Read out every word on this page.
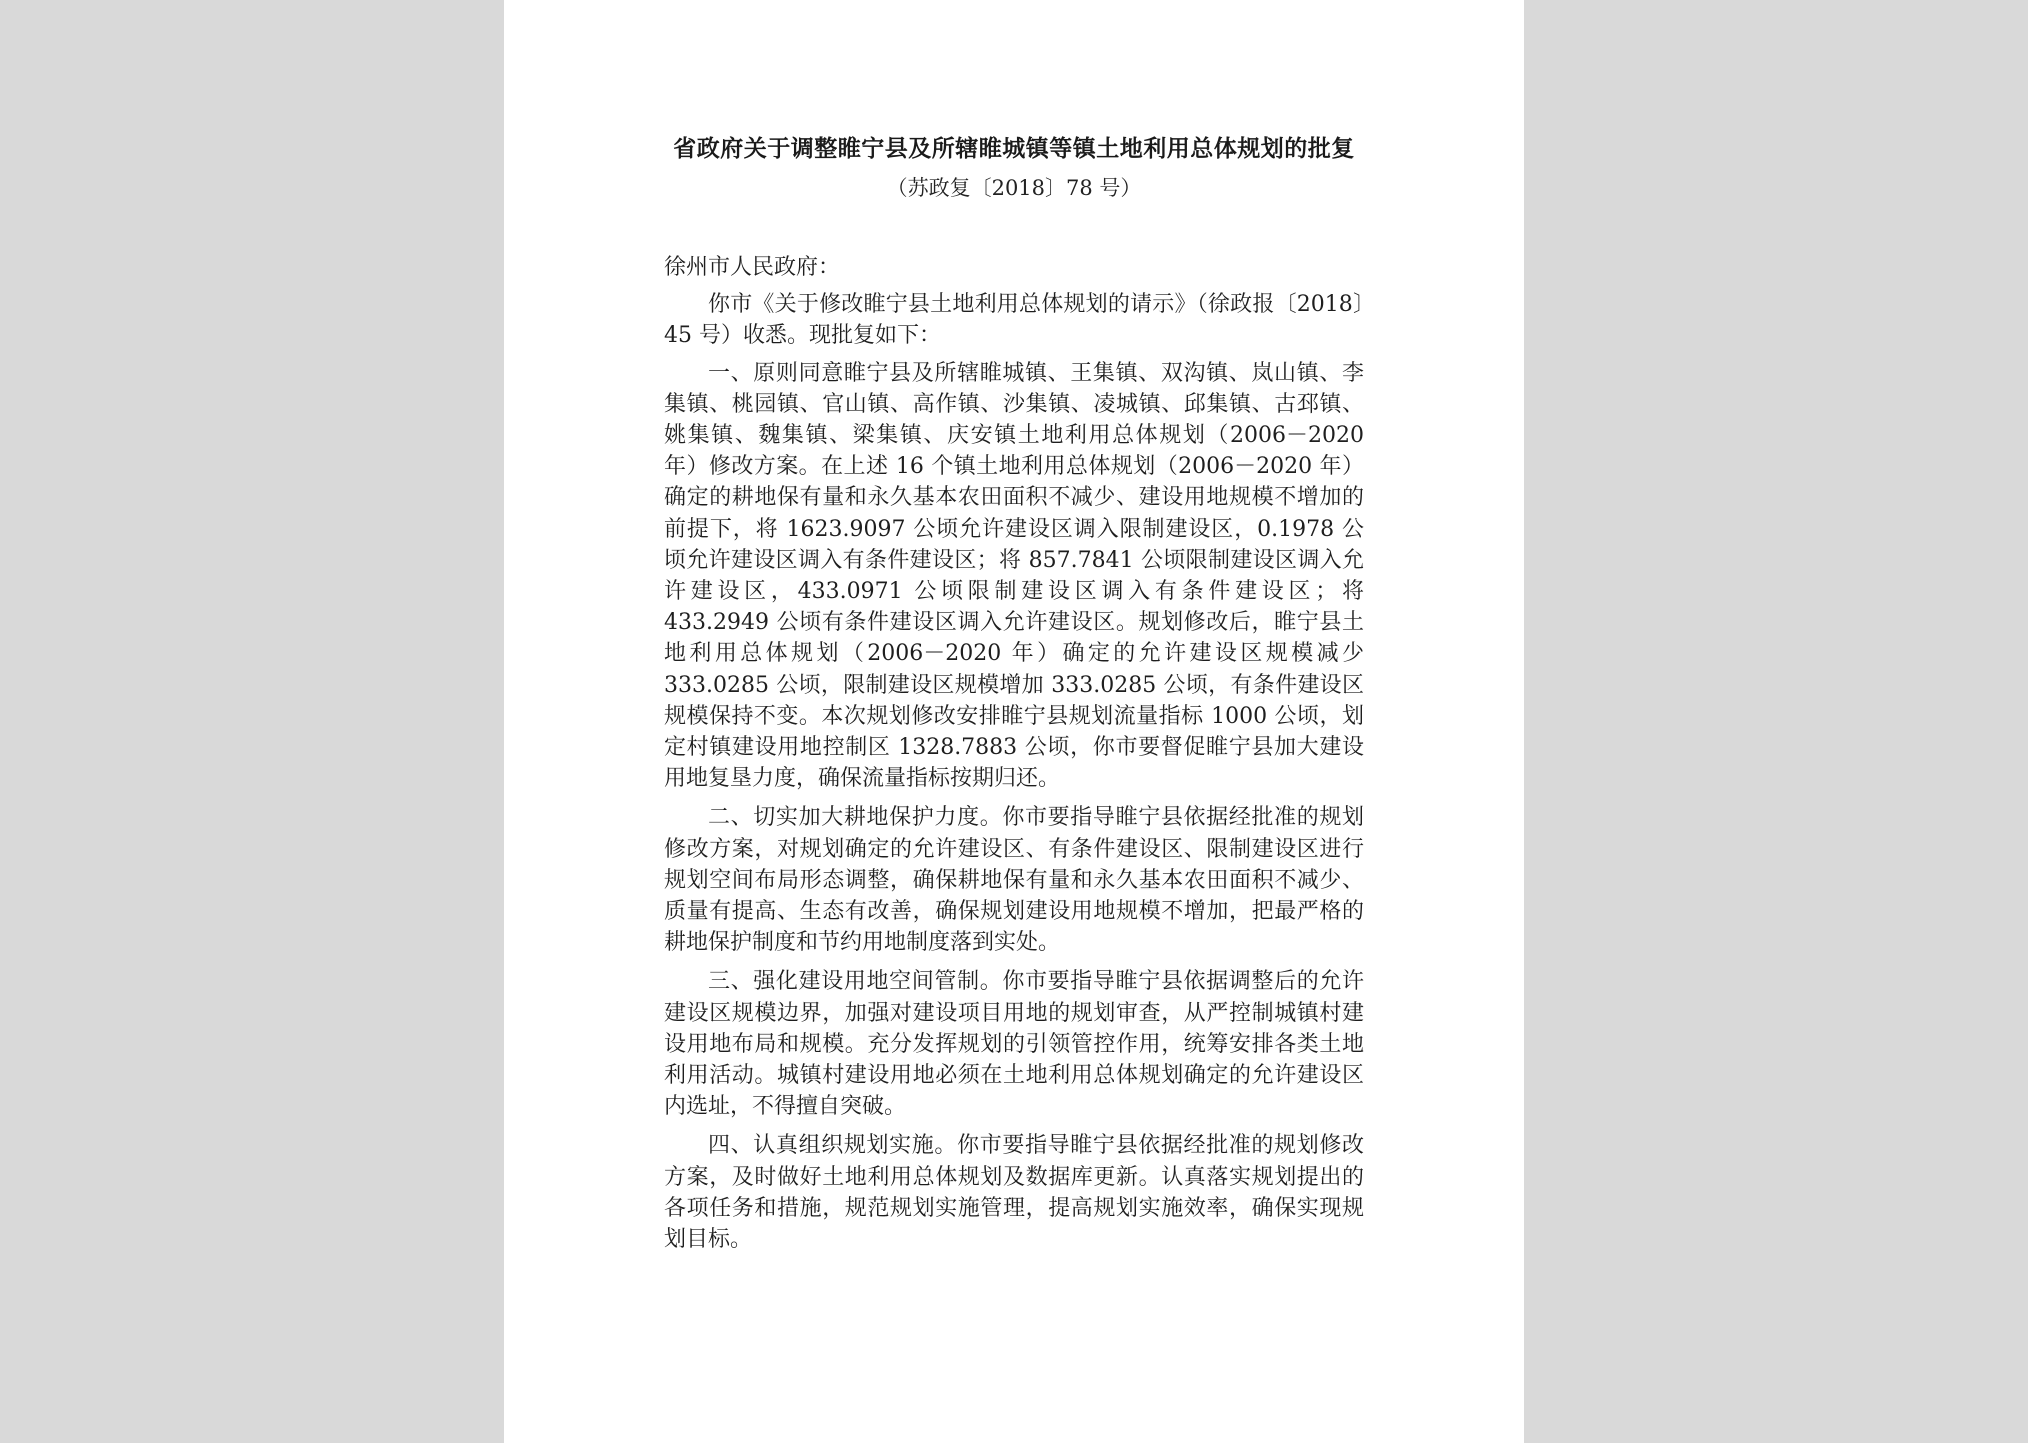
省政府关于调整睢宁县及所辖睢城镇等镇土地利用总体规划的批复
（苏政复〔2018〕78 号）
徐州市人民政府：

你市《关于修改睢宁县土地利用总体规划的请示》（徐政报〔2018〕45 号）收悉。现批复如下：

一、原则同意睢宁县及所辖睢城镇、王集镇、双沟镇、岚山镇、李集镇、桃园镇、官山镇、高作镇、沙集镇、凌城镇、邱集镇、古邳镇、姚集镇、魏集镇、梁集镇、庆安镇土地利用总体规划（2006－2020 年）修改方案。在上述 16 个镇土地利用总体规划（2006－2020 年）确定的耕地保有量和永久基本农田面积不减少、建设用地规模不增加的前提下，将 1623.9097 公顷允许建设区调入限制建设区，0.1978 公顷允许建设区调入有条件建设区；将 857.7841 公顷限制建设区调入允许建设区，433.0971 公顷限制建设区调入有条件建设区；将 433.2949 公顷有条件建设区调入允许建设区。规划修改后，睢宁县土地利用总体规划（2006－2020 年）确定的允许建设区规模减少 333.0285 公顷，限制建设区规模增加 333.0285 公顷，有条件建设区规模保持不变。本次规划修改安排睢宁县规划流量指标 1000 公顷，划定村镇建设用地控制区 1328.7883 公顷，你市要督促睢宁县加大建设用地复垦力度，确保流量指标按期归还。

二、切实加大耕地保护力度。你市要指导睢宁县依据经批准的规划修改方案，对规划确定的允许建设区、有条件建设区、限制建设区进行规划空间布局形态调整，确保耕地保有量和永久基本农田面积不减少、质量有提高、生态有改善，确保规划建设用地规模不增加，把最严格的耕地保护制度和节约用地制度落到实处。

三、强化建设用地空间管制。你市要指导睢宁县依据调整后的允许建设区规模边界，加强对建设项目用地的规划审查，从严控制城镇村建设用地布局和规模。充分发挥规划的引领管控作用，统筹安排各类土地利用活动。城镇村建设用地必须在土地利用总体规划确定的允许建设区内选址，不得擅自突破。

四、认真组织规划实施。你市要指导睢宁县依据经批准的规划修改方案，及时做好土地利用总体规划及数据库更新。认真落实规划提出的各项任务和措施，规范规划实施管理，提高规划实施效率，确保实现规划目标。
